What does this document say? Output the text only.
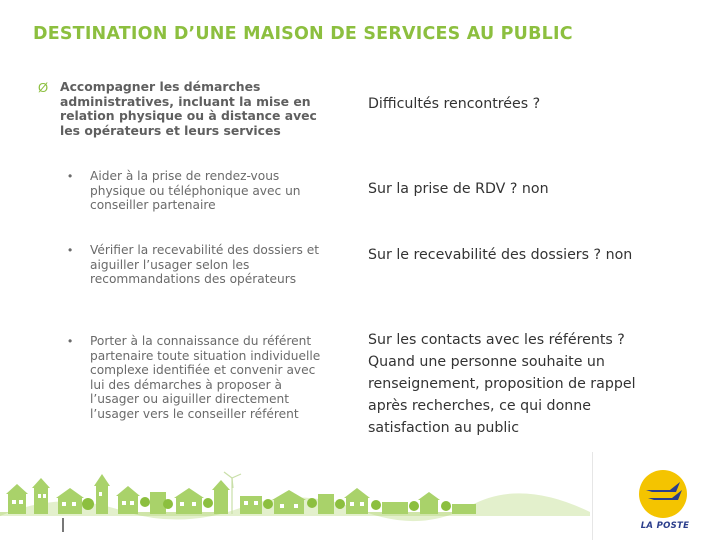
DESTINATION D’UNE MAISON DE SERVICES AU PUBLIC
Ø Accompagner les démarches administratives, incluant la mise en relation physique ou à distance avec les opérateurs et leurs services
• Aider à la prise de rendez-vous physique ou téléphonique avec un conseiller partenaire
• Vérifier la recevabilité des dossiers et aiguiller l’usager selon les recommandations des opérateurs
• Porter à la connaissance du référent partenaire toute situation individuelle complexe identifiée et convenir avec lui des démarches à proposer à l’usager ou aiguiller directement l’usager vers le conseiller référent
Difficultés rencontrées ?
Sur la prise de RDV ? non
Sur le recevabilité des dossiers ? non
Sur les contacts avec les référents ? Quand une personne souhaite un renseignement, proposition de rappel après recherches, ce qui donne satisfaction au public
LA POSTE
